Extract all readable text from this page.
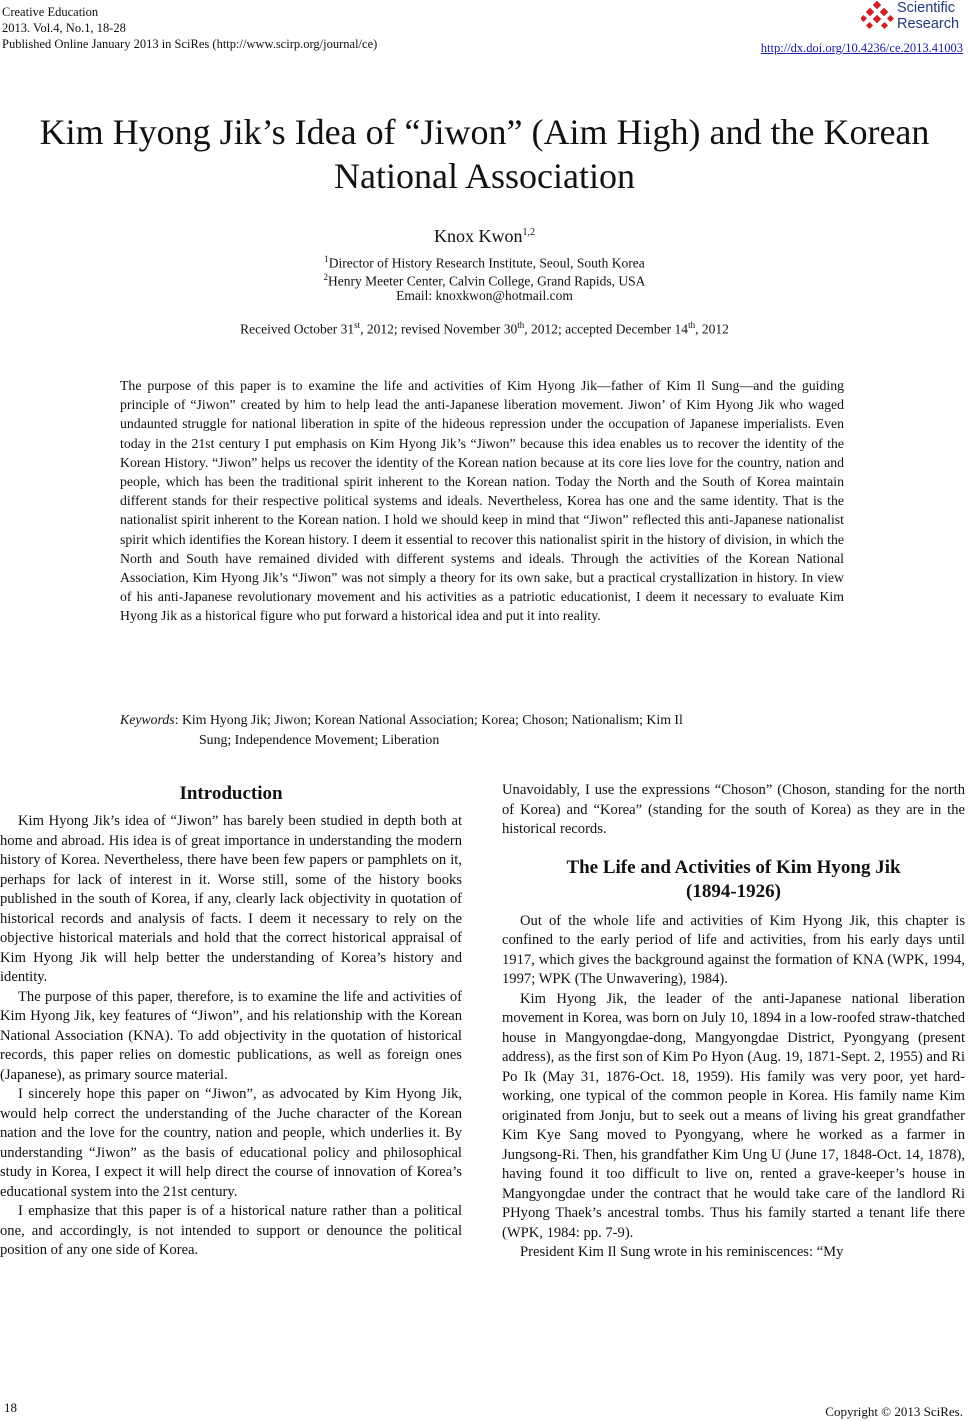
Creative Education
2013. Vol.4, No.1, 18-28
Published Online January 2013 in SciRes (http://www.scirp.org/journal/ce)
Scientific
Research
http://dx.doi.org/10.4236/ce.2013.41003
Kim Hyong Jik’s Idea of “Jiwon” (Aim High) and the Korean National Association
Knox Kwon$^{1,2}$
$^1$Director of History Research Institute, Seoul, South Korea
$^2$Henry Meeter Center, Calvin College, Grand Rapids, USA
Email: knoxkwon@hotmail.com
Received October 31st, 2012; revised November 30th, 2012; accepted December 14th, 2012
The purpose of this paper is to examine the life and activities of Kim Hyong Jik—father of Kim Il Sung—and the guiding principle of “Jiwon” created by him to help lead the anti-Japanese liberation movement. Jiwon’ of Kim Hyong Jik who waged undaunted struggle for national liberation in spite of the hideous repression under the occupation of Japanese imperialists. Even today in the 21st century I put emphasis on Kim Hyong Jik’s “Jiwon” because this idea enables us to recover the identity of the Korean History. “Jiwon” helps us recover the identity of the Korean nation because at its core lies love for the country, nation and people, which has been the traditional spirit inherent to the Korean nation. Today the North and the South of Korea maintain different stands for their respective political systems and ideals. Nevertheless, Korea has one and the same identity. That is the nationalist spirit inherent to the Korean nation. I hold we should keep in mind that “Jiwon” reflected this anti-Japanese nationalist spirit which identifies the Korean history. I deem it essential to recover this nationalist spirit in the history of division, in which the North and South have remained divided with different systems and ideals. Through the activities of the Korean National Association, Kim Hyong Jik’s “Jiwon” was not simply a theory for its own sake, but a practical crystallization in history. In view of his anti-Japanese revolutionary movement and his activities as a patriotic educationist, I deem it necessary to evaluate Kim Hyong Jik as a historical figure who put forward a historical idea and put it into reality.
Keywords : Kim Hyong Jik; Jiwon; Korean National Association; Korea; Choson; Nationalism; Kim Il
Sung; Independence Movement; Liberation
Introduction

Kim Hyong Jik’s idea of “Jiwon” has barely been studied in depth both at home and abroad. His idea is of great importance in understanding the modern history of Korea. Nevertheless, there have been few papers or pamphlets on it, perhaps for lack of interest in it. Worse still, some of the history books published in the south of Korea, if any, clearly lack objectivity in quotation of historical records and analysis of facts. I deem it necessary to rely on the objective historical materials and hold that the correct historical appraisal of Kim Hyong Jik will help better the understanding of Korea’s history and identity.

The purpose of this paper, therefore, is to examine the life and activities of Kim Hyong Jik, key features of “Jiwon”, and his relationship with the Korean National Association (KNA). To add objectivity in the quotation of historical records, this paper relies on domestic publications, as well as foreign ones (Japanese), as primary source material.

I sincerely hope this paper on “Jiwon”, as advocated by Kim Hyong Jik, would help correct the understanding of the Juche character of the Korean nation and the love for the country, nation and people, which underlies it. By understanding “Jiwon” as the basis of educational policy and philosophical study in Korea, I expect it will help direct the course of innovation of Korea’s educational system into the 21st century.

I emphasize that this paper is of a historical nature rather than a political one, and accordingly, is not intended to support or denounce the political position of any one side of Korea.

Unavoidably, I use the expressions “Choson” (Choson, standing for the north of Korea) and “Korea” (standing for the south of Korea) as they are in the historical records.

The Life and Activities of Kim Hyong Jik
(1894-1926)

Out of the whole life and activities of Kim Hyong Jik, this chapter is confined to the early period of life and activities, from his early days until 1917, which gives the background against the formation of KNA (WPK, 1994, 1997; WPK (The Unwavering), 1984).

Kim Hyong Jik, the leader of the anti-Japanese national liberation movement in Korea, was born on July 10, 1894 in a low-roofed straw-thatched house in Mangyongdae-dong, Mangyongdae District, Pyongyang (present address), as the first son of Kim Po Hyon (Aug. 19, 1871-Sept. 2, 1955) and Ri Po Ik (May 31, 1876-Oct. 18, 1959). His family was very poor, yet hard-working, one typical of the common people in Korea. His family name Kim originated from Jonju, but to seek out a means of living his great grandfather Kim Kye Sang moved to Pyongyang, where he worked as a farmer in Jungsong-Ri. Then, his grandfather Kim Ung U (June 17, 1848-Oct. 14, 1878), having found it too difficult to live on, rented a grave-keeper’s house in Mangyongdae under the contract that he would take care of the landlord Ri PHyong Thaek’s ancestral tombs. Thus his family started a tenant life there (WPK, 1984: pp. 7-9).

President Kim Il Sung wrote in his reminiscences: “My

18	Copyright © 2013 SciRes.
